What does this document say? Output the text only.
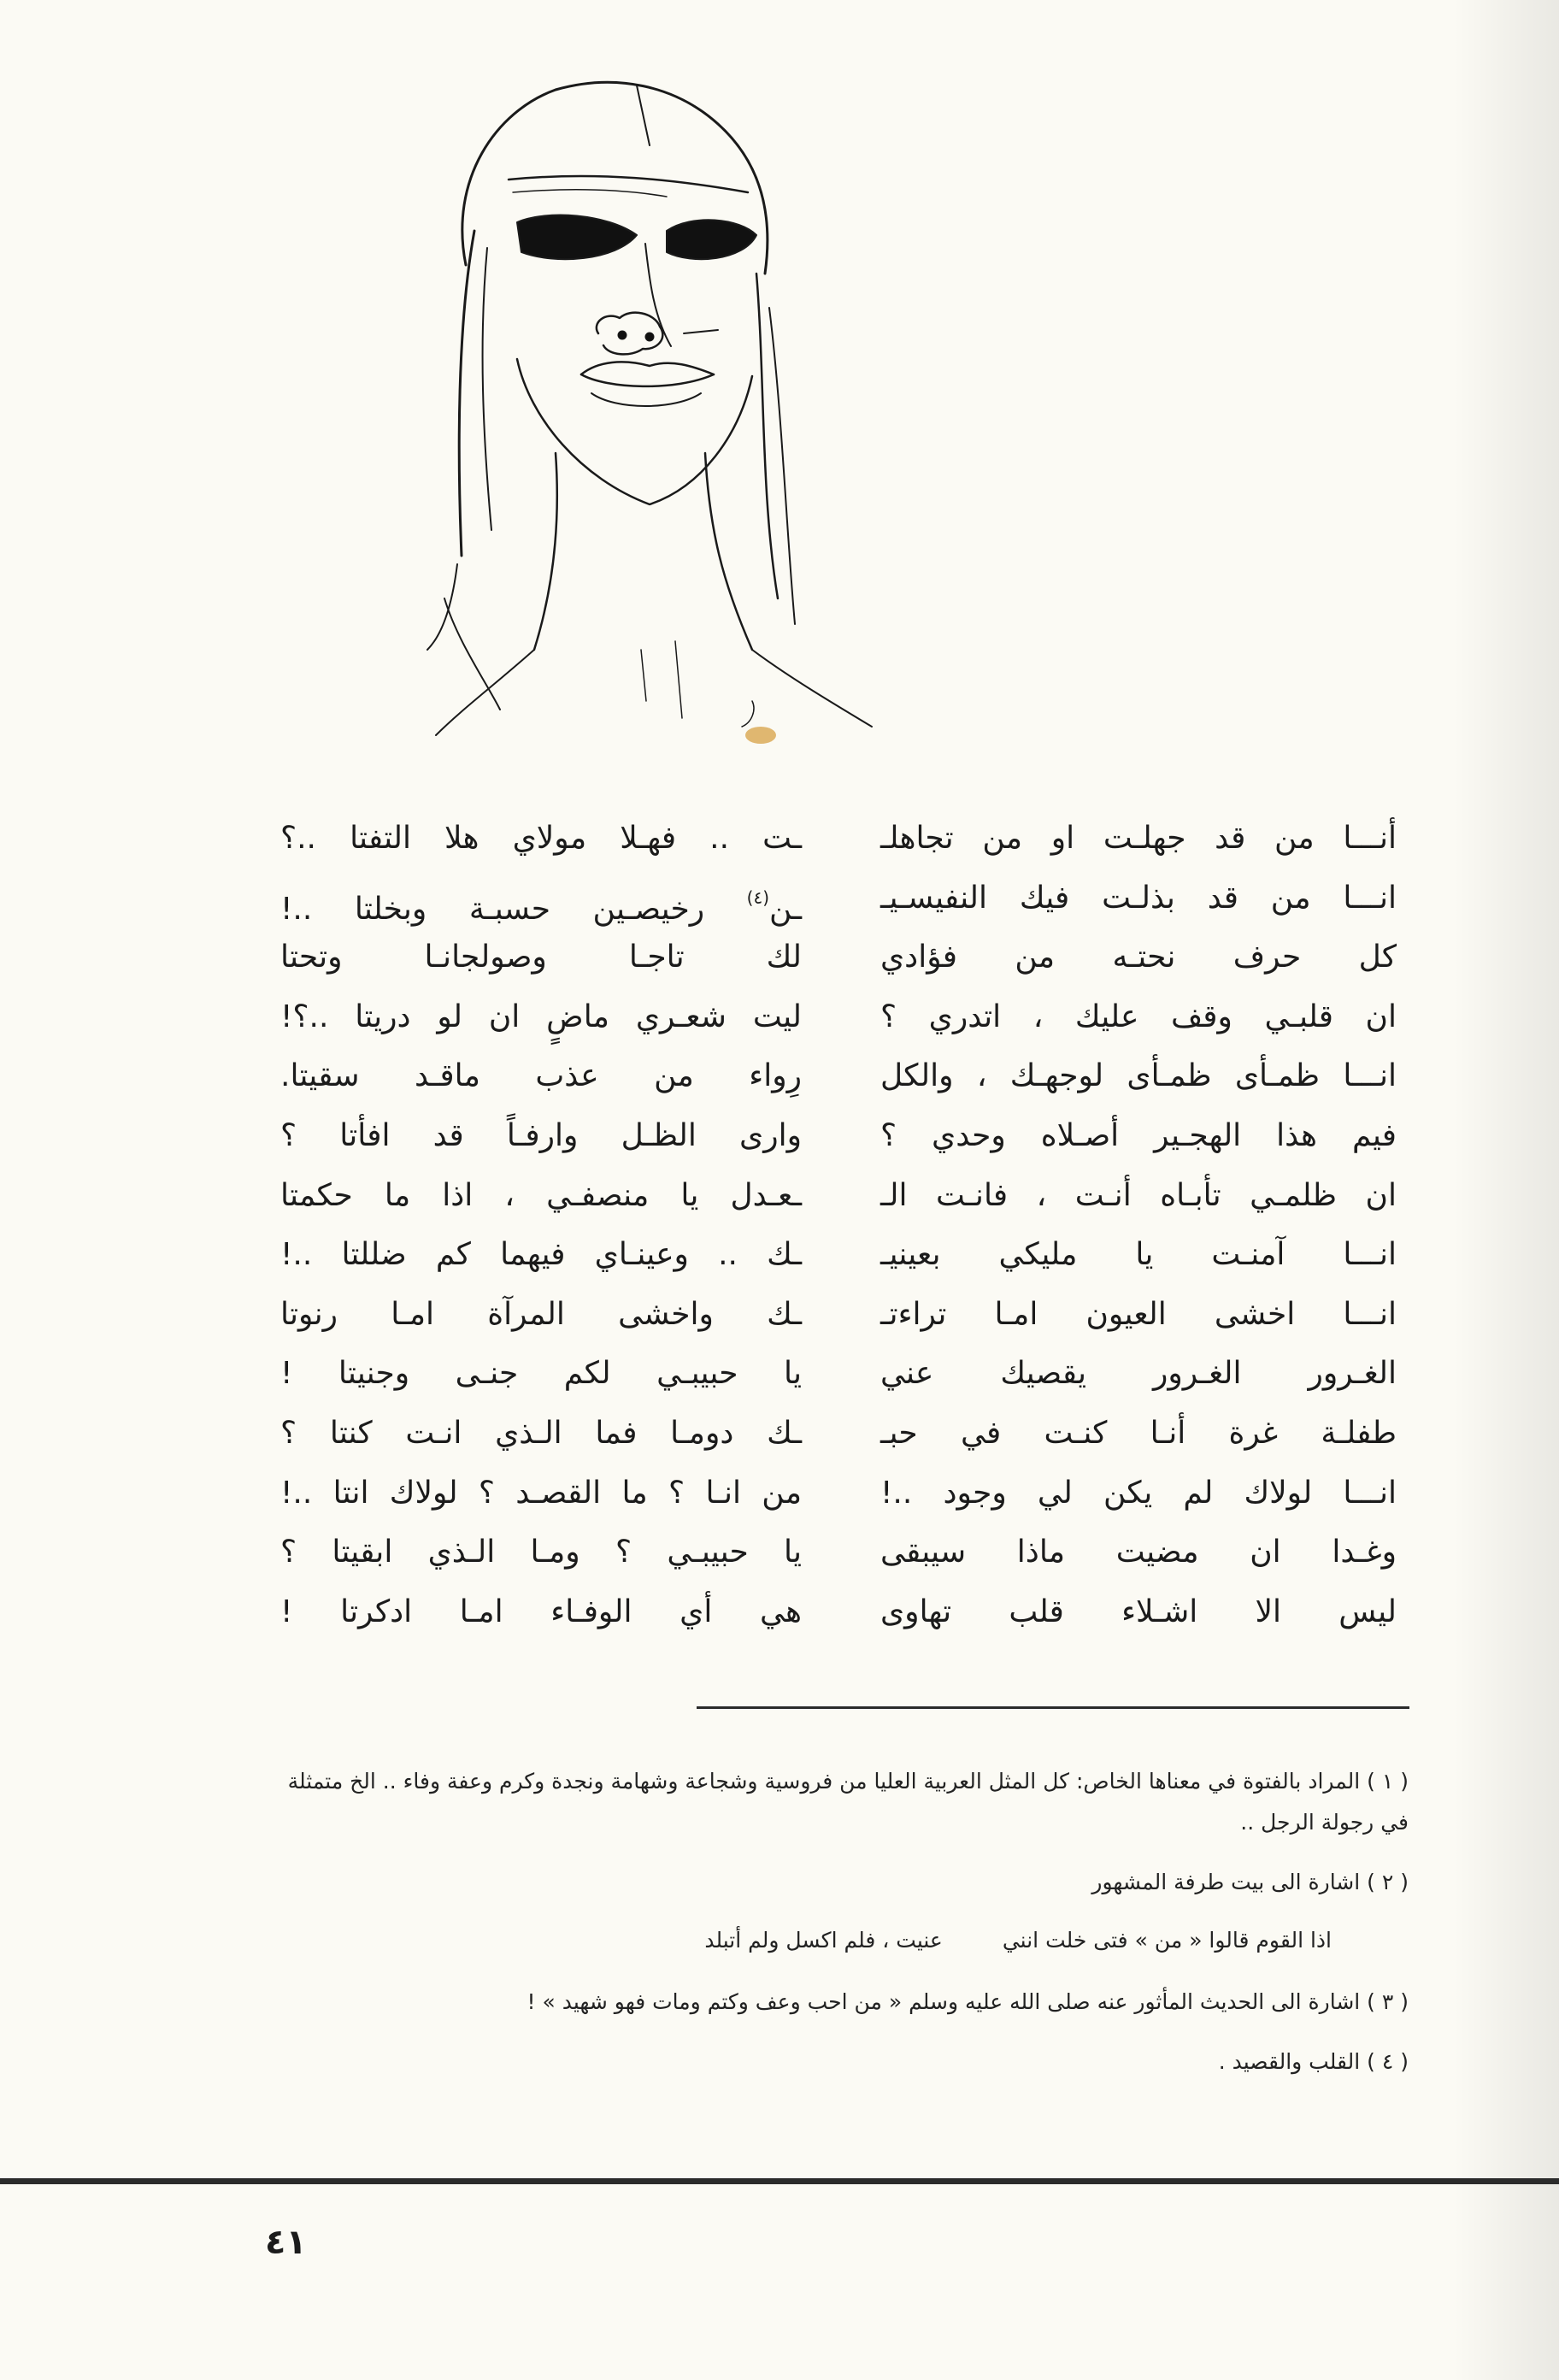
أنـــا من قد جهلـت او من تجاهلـ
انـــا من قد بذلـت فيك النفيسـيـ
كل حرف نحتـه من فؤادي
ان قلبـي وقف عليك ، اتدري ؟
انـــا ظمـأى ظمـأى لوجهـك ، والكل
فيم هذا الهجـير أصـلاه وحدي ؟
ان ظلمـي تأبـاه أنـت ، فانـت الـ
انـــا آمنـت يا مليكي بعينيـ
انـــا اخشى العيون امـا تراءتـ
الغـرور الغـرور يقصيك عني
طفلـة غرة أنـا كنـت في حبـ
انـــا لولاك لم يكن لي وجود ..!
وغـدا ان مضيت ماذا سيبقى
ليس الا اشـلاء قلب تهاوى
ـت .. فهـلا مولاي هلا التفتا ..؟
ـن$^{(٤)}$ رخيصـين حسبـة وبخلتا ..!
لك تاجـا وصولجانـا وتحتا
ليت شعـري ماضٍ ان لو دريتا ..؟!
رِواء من عذب ماقـد سقيتا.
وارى الظـل وارفـاً قد افأتا ؟
ـعـدل يا منصفـي ، اذا ما حكمتا
ـك .. وعينـاي فيهما كم ضللتا ..!
ـك واخشى المرآة امـا رنوتا
يا حبيبـي لكم جنـى وجنيتا !
ـك دومـا فما الـذي انـت كنتا ؟
من انـا ؟ ما القصـد ؟ لولاك انتا ..!
يا حبيبـي ؟ ومـا الـذي ابقيتا ؟
هي أي الوفـاء امـا ادكرتا !
( ١ ) المراد بالفتوة في معناها الخاص: كل المثل العربية العليا من فروسية وشجاعة وشهامة ونجدة وكرم وعفة وفاء .. الخ متمثلة في رجولة الرجل ..
( ٢ ) اشارة الى بيت طرفة المشهور
اذا القوم قالوا « من » فتى خلت انني
عنيت ، فلم اكسل ولم أتبلد
( ٣ ) اشارة الى الحديث المأثور عنه صلى الله عليه وسلم « من احب وعف وكتم ومات فهو شهيد » !
( ٤ ) القلب والقصيد .
٤١
